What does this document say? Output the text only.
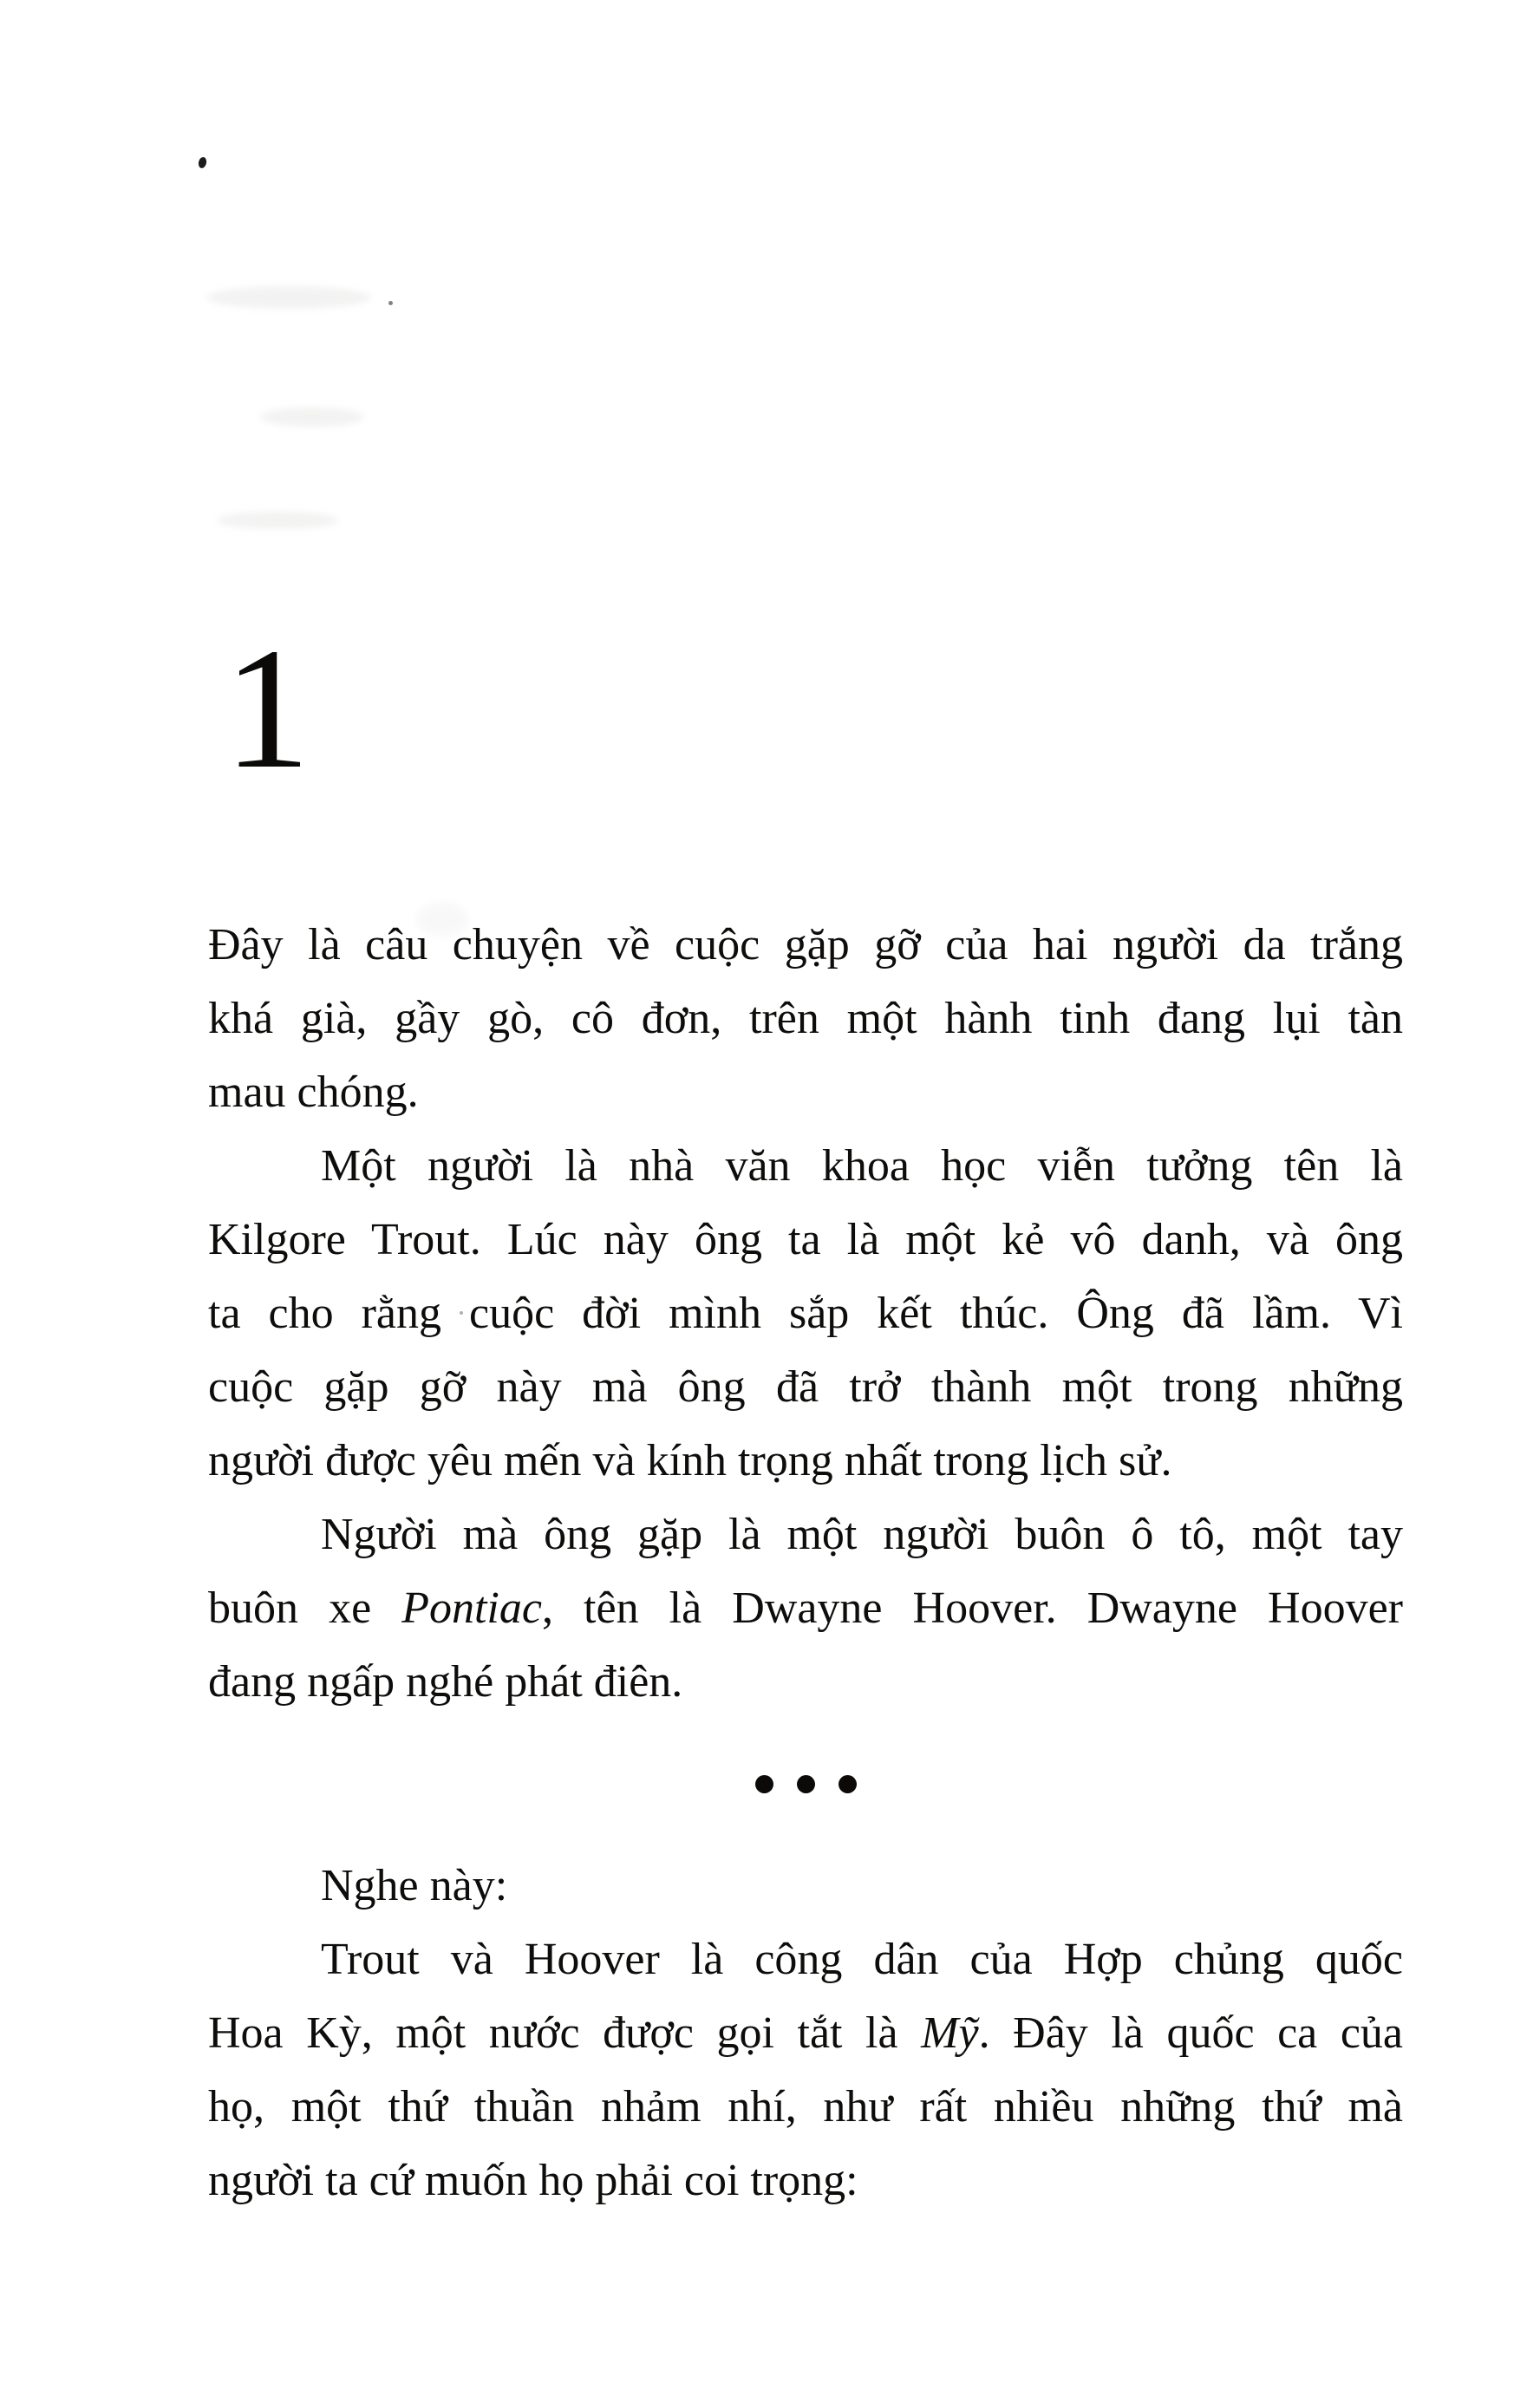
1
Đây là câu chuyện về cuộc gặp gỡ của hai người da trắng
khá già, gầy gò, cô đơn, trên một hành tinh đang lụi tàn
mau chóng.
Một người là nhà văn khoa học viễn tưởng tên là
Kilgore Trout. Lúc này ông ta là một kẻ vô danh, và ông
ta cho rằng cuộc đời mình sắp kết thúc. Ông đã lầm. Vì
cuộc gặp gỡ này mà ông đã trở thành một trong những
người được yêu mến và kính trọng nhất trong lịch sử.
Người mà ông gặp là một người buôn ô tô, một tay
buôn xe Pontiac, tên là Dwayne Hoover. Dwayne Hoover
đang ngấp nghé phát điên.
Nghe này:
Trout và Hoover là công dân của Hợp chủng quốc
Hoa Kỳ, một nước được gọi tắt là Mỹ. Đây là quốc ca của
họ, một thứ thuần nhảm nhí, như rất nhiều những thứ mà
người ta cứ muốn họ phải coi trọng:
